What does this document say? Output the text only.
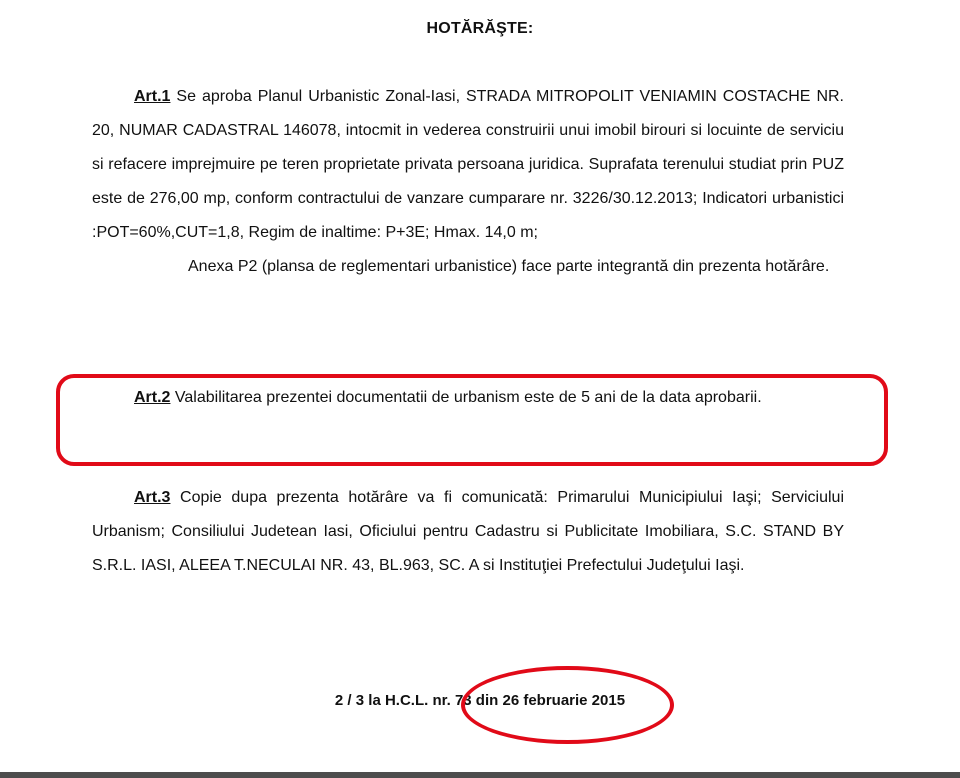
HOTĂRĂŞTE:

Art.1 Se aproba Planul Urbanistic Zonal-Iasi, STRADA MITROPOLIT VENIAMIN COSTACHE NR. 20, NUMAR CADASTRAL 146078, intocmit in vederea construirii unui imobil birouri si locuinte de serviciu si refacere imprejmuire pe teren proprietate privata persoana juridica. Suprafata terenului studiat prin PUZ este de 276,00 mp, conform contractului de vanzare cumparare nr. 3226/30.12.2013; Indicatori urbanistici :POT=60%,CUT=1,8, Regim de inaltime: P+3E; Hmax. 14,0 m;

Anexa P2 (plansa de reglementari urbanistice) face parte integrantă din prezenta hotărâre.

Art.2 Valabilitarea prezentei documentatii de urbanism este de 5 ani de la data aprobarii.

Art.3 Copie dupa prezenta hotărâre va fi comunicată: Primarului Municipiului Iaşi; Serviciului Urbanism; Consiliului Judetean Iasi, Oficiului pentru Cadastru si Publicitate Imobiliara, S.C. STAND BY S.R.L. IASI, ALEEA T.NECULAI NR. 43, BL.963, SC. A si Instituţiei Prefectului Judeţului Iaşi.

2 / 3 la H.C.L. nr. 73 din 26 februarie 2015
